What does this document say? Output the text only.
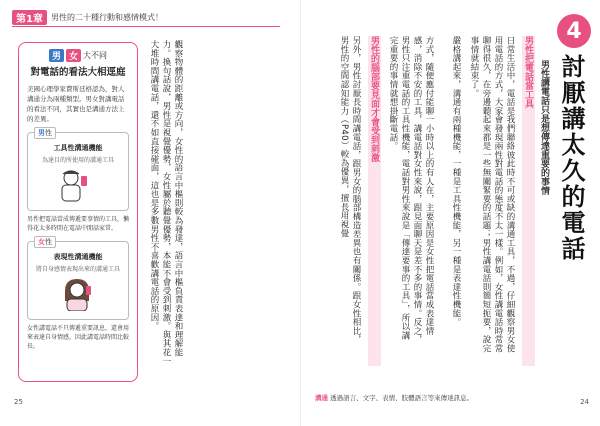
第1章	男性的二十種行動和感情模式！
男 女 大不同
對電話的看法大相逕庭
美國心理學家費斯廷格認為，對人溝通分為兩種類型。男女對講電話的看法不同，其實也是溝通方法上的差異。
男性
工具性溝通機能
為達目的所使用的溝通工具
男性把電話當成傳遞要事情的工具，懶得花太多時間在電話中閒話家常。
女性
表現性溝通機能
將自身感情表現出來的溝通工具
女性講電話不只傳遞重要訊息，還會用來表達自身情感，因此講電話時間比較長。	觀察物體的距離或方向，女性的語言中樞則較為發達，語言中樞負責表達和理解能力。換句話說，男性是視覺優勢，女性屬於聽覺優勢，本能不會受到刺激。與其花一大堆時間講電話，還不如直接碰面，這也是多數男性不喜歡講電話的原因。
25
4
討厭講太久的電話
男性講電話只是想傳達重要的事情
男性把電話當工具
日常生活中，電話是我們聯絡彼此時不可或缺的溝通工具，不過，仔細觀察男女使用電話的方式，大家會發現兩性對電話的態度不太一樣。例如，女性講電話時常常聊得很久，在旁邊聽起來都是一些無關緊要的話題；男性講電話則簡短扼要，說完事情就結束了。
嚴格講起來，溝通有兩種機能，一種是工具性機能，另一種是表達性機能。
方式，隨便應付能聊一小時以上的有人在，主要原因是女性把電話當成表達情感，消除不安的工具，講電話對女性來說，跟見面聊天是差不多的事情。反之，男性只注重電話的工具性機能，電話對男性來說是「傳達要事的工具」，所以講完重要的事情就想掛斷電話。
男性的腦部要見面才會受到刺激
另外，男性討厭長時間講電話，跟男女的腦部構造差異也有關係。跟女性相比，男性的空間認知能力（P40）較為優異，擅長用視覺
溝通 透過語言、文字、表情、肢體語言等來傳達訊息。	24
